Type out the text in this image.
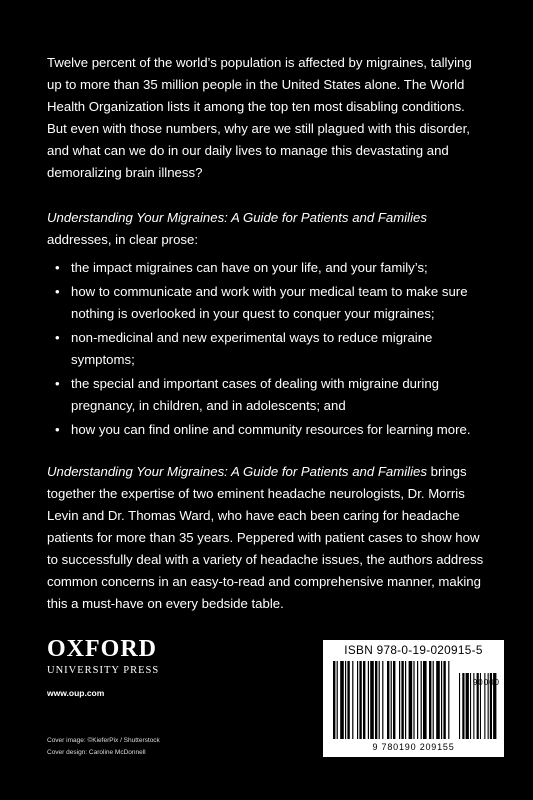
Twelve percent of the world’s population is affected by migraines, tallying up to more than 35 million people in the United States alone. The World Health Organization lists it among the top ten most disabling conditions. But even with those numbers, why are we still plagued with this disorder, and what can we do in our daily lives to manage this devastating and demoralizing brain illness?

Understanding Your Migraines: A Guide for Patients and Families addresses, in clear prose:

• the impact migraines can have on your life, and your family’s;
• how to communicate and work with your medical team to make sure nothing is overlooked in your quest to conquer your migraines;
• non-medicinal and new experimental ways to reduce migraine symptoms;
• the special and important cases of dealing with migraine during pregnancy, in children, and in adolescents; and
• how you can find online and community resources for learning more.

Understanding Your Migraines: A Guide for Patients and Families brings together the expertise of two eminent headache neurologists, Dr. Morris Levin and Dr. Thomas Ward, who have each been caring for headache patients for more than 35 years. Peppered with patient cases to show how to successfully deal with a variety of headache issues, the authors address common concerns in an easy-to-read and comprehensive manner, making this a must-have on every bedside table.

OXFORD
UNIVERSITY PRESS
www.oup.com
Cover image: ©KieferPix / Shutterstock
Cover design: Caroline McDonnell
ISBN 978-0-19-020915-5
90000
9 780190 209155
